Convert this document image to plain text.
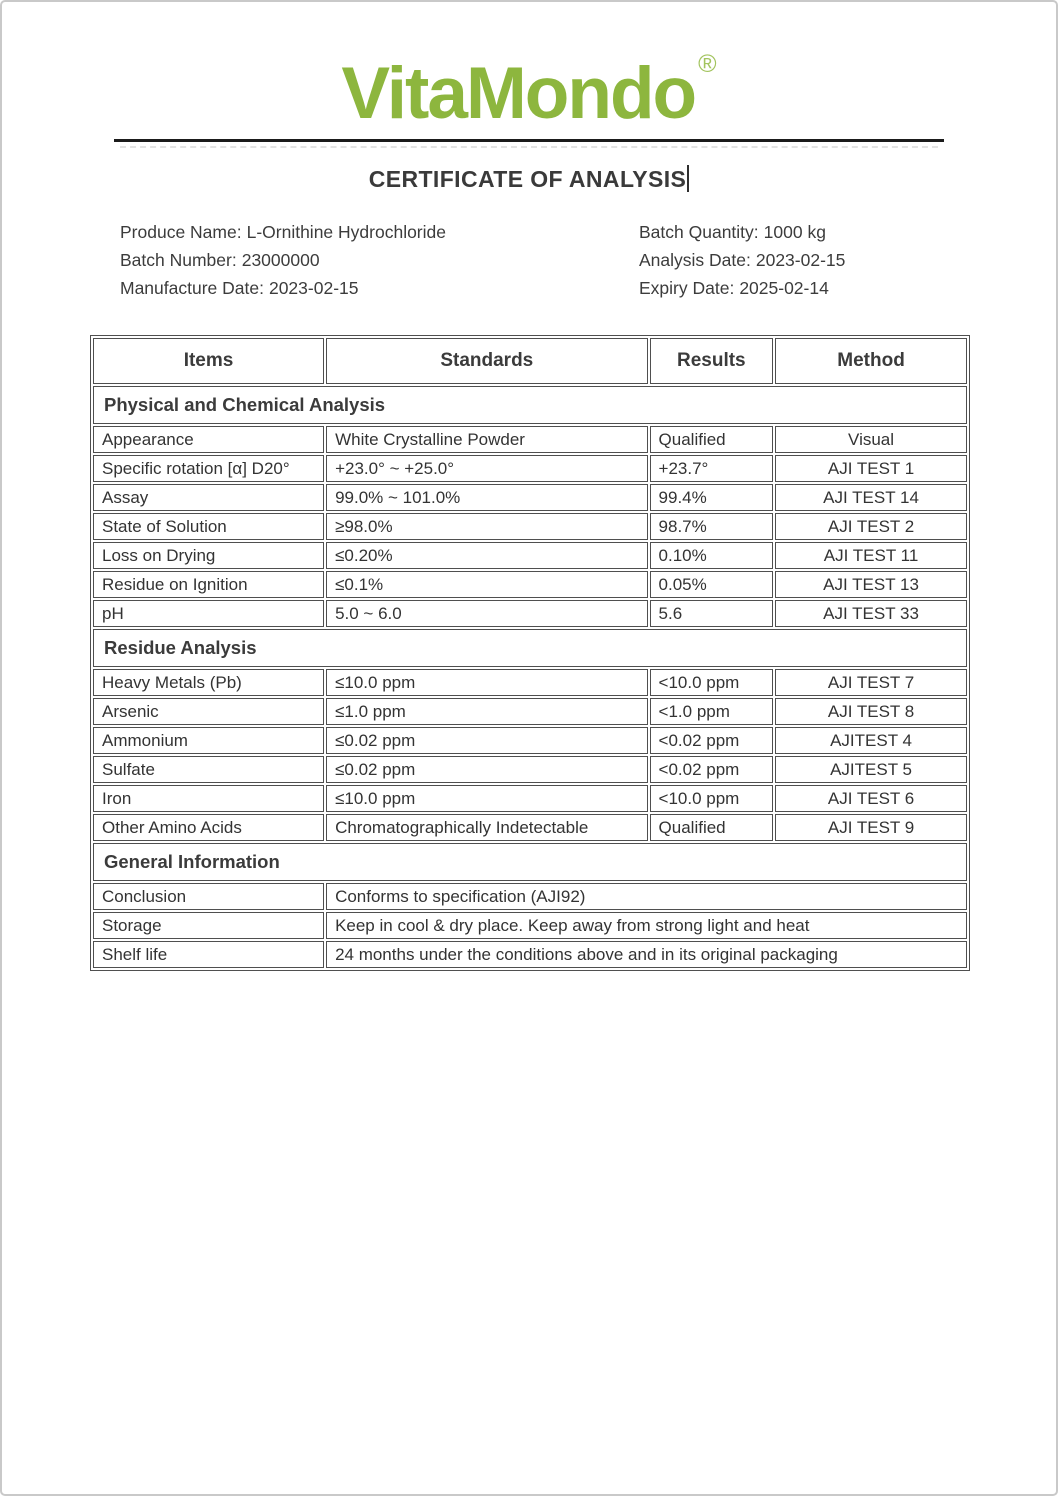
VitaMondo ®
CERTIFICATE OF ANALYSIS
Produce Name: L-Ornithine Hydrochloride
Batch Number: 23000000
Manufacture Date: 2023-02-15
Batch Quantity: 1000 kg
Analysis Date: 2023-02-15
Expiry Date: 2025-02-14
Items	Standards	Results	Method
Physical and Chemical Analysis			
Appearance	White Crystalline Powder	Qualified	Visual
Specific rotation [α] D20°	+23.0° ~ +25.0°	+23.7°	AJI TEST 1
Assay	99.0% ~ 101.0%	99.4%	AJI TEST 14
State of Solution	≥98.0%	98.7%	AJI TEST 2
Loss on Drying	≤0.20%	0.10%	AJI TEST 11
Residue on Ignition	≤0.1%	0.05%	AJI TEST 13
pH	5.0 ~ 6.0	5.6	AJI TEST 33
Residue Analysis			
Heavy Metals (Pb)	≤10.0 ppm	<10.0 ppm	AJI TEST 7
Arsenic	≤1.0 ppm	<1.0 ppm	AJI TEST 8
Ammonium	≤0.02 ppm	<0.02 ppm	AJITEST 4
Sulfate	≤0.02 ppm	<0.02 ppm	AJITEST 5
Iron	≤10.0 ppm	<10.0 ppm	AJI TEST 6
Other Amino Acids	Chromatographically Indetectable	Qualified	AJI TEST 9
General Information			
Conclusion	Conforms to specification (AJI92)		
Storage	Keep in cool & dry place. Keep away from strong light and heat		
Shelf life	24 months under the conditions above and in its original packaging		
